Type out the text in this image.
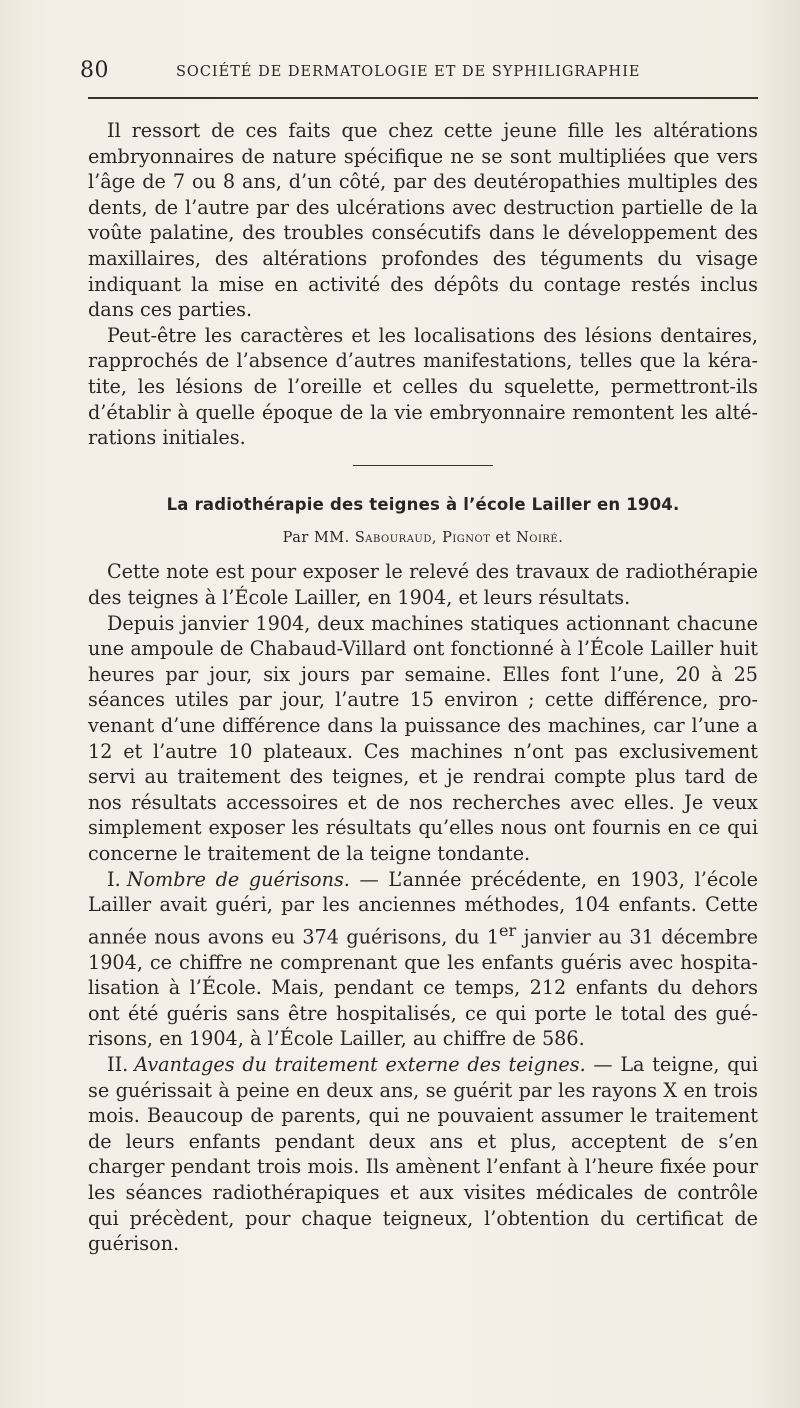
80	SOCIÉTÉ DE DERMATOLOGIE ET DE SYPHILIGRAPHIE

Il ressort de ces faits que chez cette jeune fille les altérations embryonnaires de nature spécifique ne se sont multipliées que vers l’âge de 7 ou 8 ans, d’un côté, par des deutéropathies multiples des dents, de l’autre par des ulcérations avec destruction partielle de la voûte palatine, des troubles consécutifs dans le développement des maxillaires, des altérations profondes des téguments du visage indiquant la mise en activité des dépôts du contage restés inclus dans ces parties.

Peut-être les caractères et les localisations des lésions dentaires, rapprochés de l’absence d’autres manifestations, telles que la kératite, les lésions de l’oreille et celles du squelette, permettront-ils d’établir à quelle époque de la vie embryonnaire remontent les altérations initiales.

La radiothérapie des teignes à l’école Lailler en 1904.
Par MM. Sabouraud, Pignot et Noiré.

Cette note est pour exposer le relevé des travaux de radiothérapie des teignes à l’École Lailler, en 1904, et leurs résultats.

Depuis janvier 1904, deux machines statiques actionnant chacune une ampoule de Chabaud-Villard ont fonctionné à l’École Lailler huit heures par jour, six jours par semaine. Elles font l’une, 20 à 25 séances utiles par jour, l’autre 15 environ ; cette différence, provenant d’une différence dans la puissance des machines, car l’une a 12 et l’autre 10 plateaux. Ces machines n’ont pas exclusivement servi au traitement des teignes, et je rendrai compte plus tard de nos résultats accessoires et de nos recherches avec elles. Je veux simplement exposer les résultats qu’elles nous ont fournis en ce qui concerne le traitement de la teigne tondante.

I. Nombre de guérisons. — L’année précédente, en 1903, l’école Lailler avait guéri, par les anciennes méthodes, 104 enfants. Cette année nous avons eu 374 guérisons, du 1er janvier au 31 décembre 1904, ce chiffre ne comprenant que les enfants guéris avec hospitalisation à l’École. Mais, pendant ce temps, 212 enfants du dehors ont été guéris sans être hospitalisés, ce qui porte le total des guérisons, en 1904, à l’École Lailler, au chiffre de 586.

II. Avantages du traitement externe des teignes. — La teigne, qui se guérissait à peine en deux ans, se guérit par les rayons X en trois mois. Beaucoup de parents, qui ne pouvaient assumer le traitement de leurs enfants pendant deux ans et plus, acceptent de s’en charger pendant trois mois. Ils amènent l’enfant à l’heure fixée pour les séances radiothérapiques et aux visites médicales de contrôle qui précèdent, pour chaque teigneux, l’obtention du certificat de guérison.
